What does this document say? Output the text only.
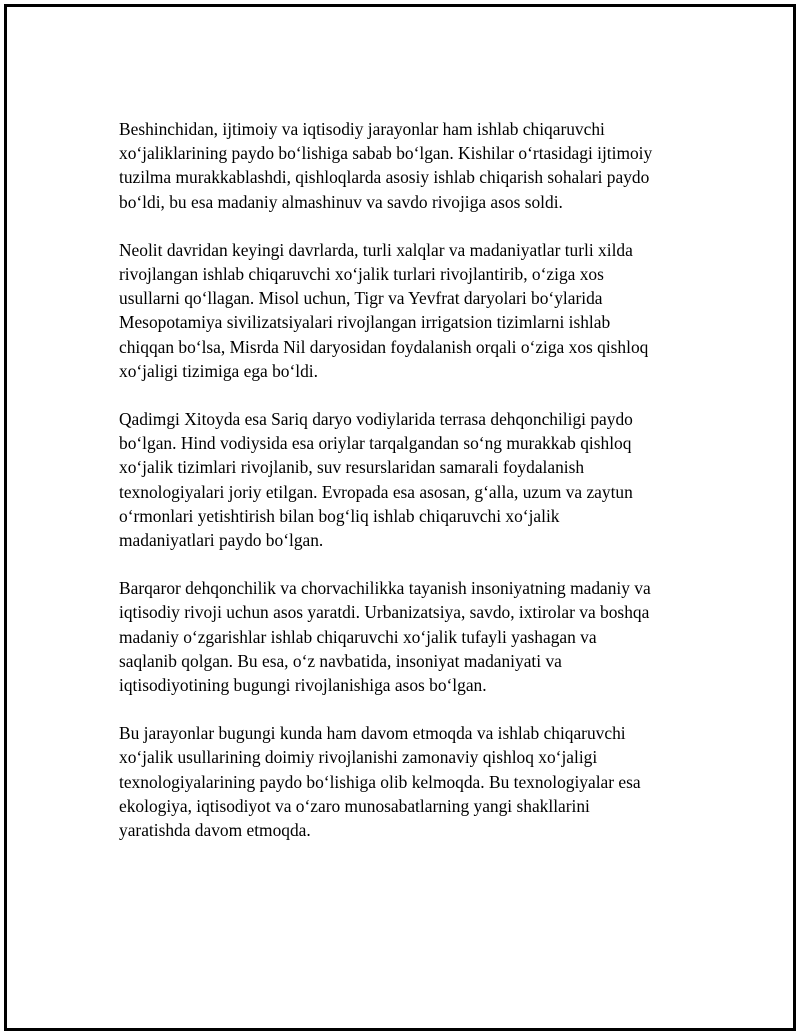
Beshinchidan, ijtimoiy va iqtisodiy jarayonlar ham ishlab chiqaruvchi
xo‘jaliklarining paydo bo‘lishiga sabab bo‘lgan. Kishilar o‘rtasidagi ijtimoiy
tuzilma murakkablashdi, qishloqlarda asosiy ishlab chiqarish sohalari paydo
bo‘ldi, bu esa madaniy almashinuv va savdo rivojiga asos soldi.

Neolit davridan keyingi davrlarda, turli xalqlar va madaniyatlar turli xilda
rivojlangan ishlab chiqaruvchi xo‘jalik turlari rivojlantirib, o‘ziga xos
usullarni qo‘llagan. Misol uchun, Tigr va Yevfrat daryolari bo‘ylarida
Mesopotamiya sivilizatsiyalari rivojlangan irrigatsion tizimlarni ishlab
chiqqan bo‘lsa, Misrda Nil daryosidan foydalanish orqali o‘ziga xos qishloq
xo‘jaligi tizimiga ega bo‘ldi.

Qadimgi Xitoyda esa Sariq daryo vodiylarida terrasa dehqonchiligi paydo
bo‘lgan. Hind vodiysida esa oriylar tarqalgandan so‘ng murakkab qishloq
xo‘jalik tizimlari rivojlanib, suv resurslaridan samarali foydalanish
texnologiyalari joriy etilgan. Evropada esa asosan, g‘alla, uzum va zaytun
o‘rmonlari yetishtirish bilan bog‘liq ishlab chiqaruvchi xo‘jalik
madaniyatlari paydo bo‘lgan.

Barqaror dehqonchilik va chorvachilikka tayanish insoniyatning madaniy va
iqtisodiy rivoji uchun asos yaratdi. Urbanizatsiya, savdo, ixtirolar va boshqa
madaniy o‘zgarishlar ishlab chiqaruvchi xo‘jalik tufayli yashagan va
saqlanib qolgan. Bu esa, o‘z navbatida, insoniyat madaniyati va
iqtisodiyotining bugungi rivojlanishiga asos bo‘lgan.

Bu jarayonlar bugungi kunda ham davom etmoqda va ishlab chiqaruvchi
xo‘jalik usullarining doimiy rivojlanishi zamonaviy qishloq xo‘jaligi
texnologiyalarining paydo bo‘lishiga olib kelmoqda. Bu texnologiyalar esa
ekologiya, iqtisodiyot va o‘zaro munosabatlarning yangi shakllarini
yaratishda davom etmoqda.
